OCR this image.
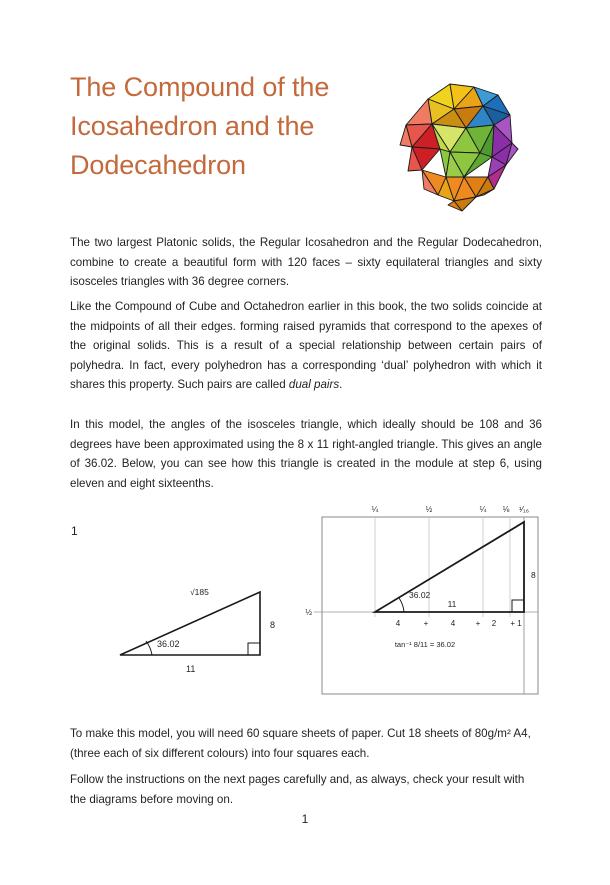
The Compound of the
Icosahedron and the
Dodecahedron

The two largest Platonic solids, the Regular Icosahedron and the Regular Dodecahedron, combine to create a beautiful form with 120 faces – sixty equilateral triangles and sixty isosceles triangles with 36 degree corners.

Like the Compound of Cube and Octahedron earlier in this book, the two solids coincide at the midpoints of all their edges. forming raised pyramids that correspond to the apexes of the original solids. This is a result of a special relationship between certain pairs of polyhedra. In fact, every polyhedron has a corresponding ‘dual’ polyhedron with which it shares this property. Such pairs are called dual pairs.

In this model, the angles of the isosceles triangle, which ideally should be 108 and 36 degrees have been approximated using the 8 x 11 right-angled triangle. This gives an angle of 36.02. Below, you can see how this triangle is created in the module at step 6, using eleven and eight sixteenths.

1
√185
8
11
36.02
¼	½	¼ ⅛ ¹⁄₁₆
½
8
11
36.02
4	+	4	+ 2 + 1
tan⁻¹ 8/11 = 36.02

To make this model, you will need 60 square sheets of paper. Cut 18 sheets of 80g/m² A4, (three each of six different colours) into four squares each.

Follow the instructions on the next pages carefully and, as always, check your result with the diagrams before moving on.

1
